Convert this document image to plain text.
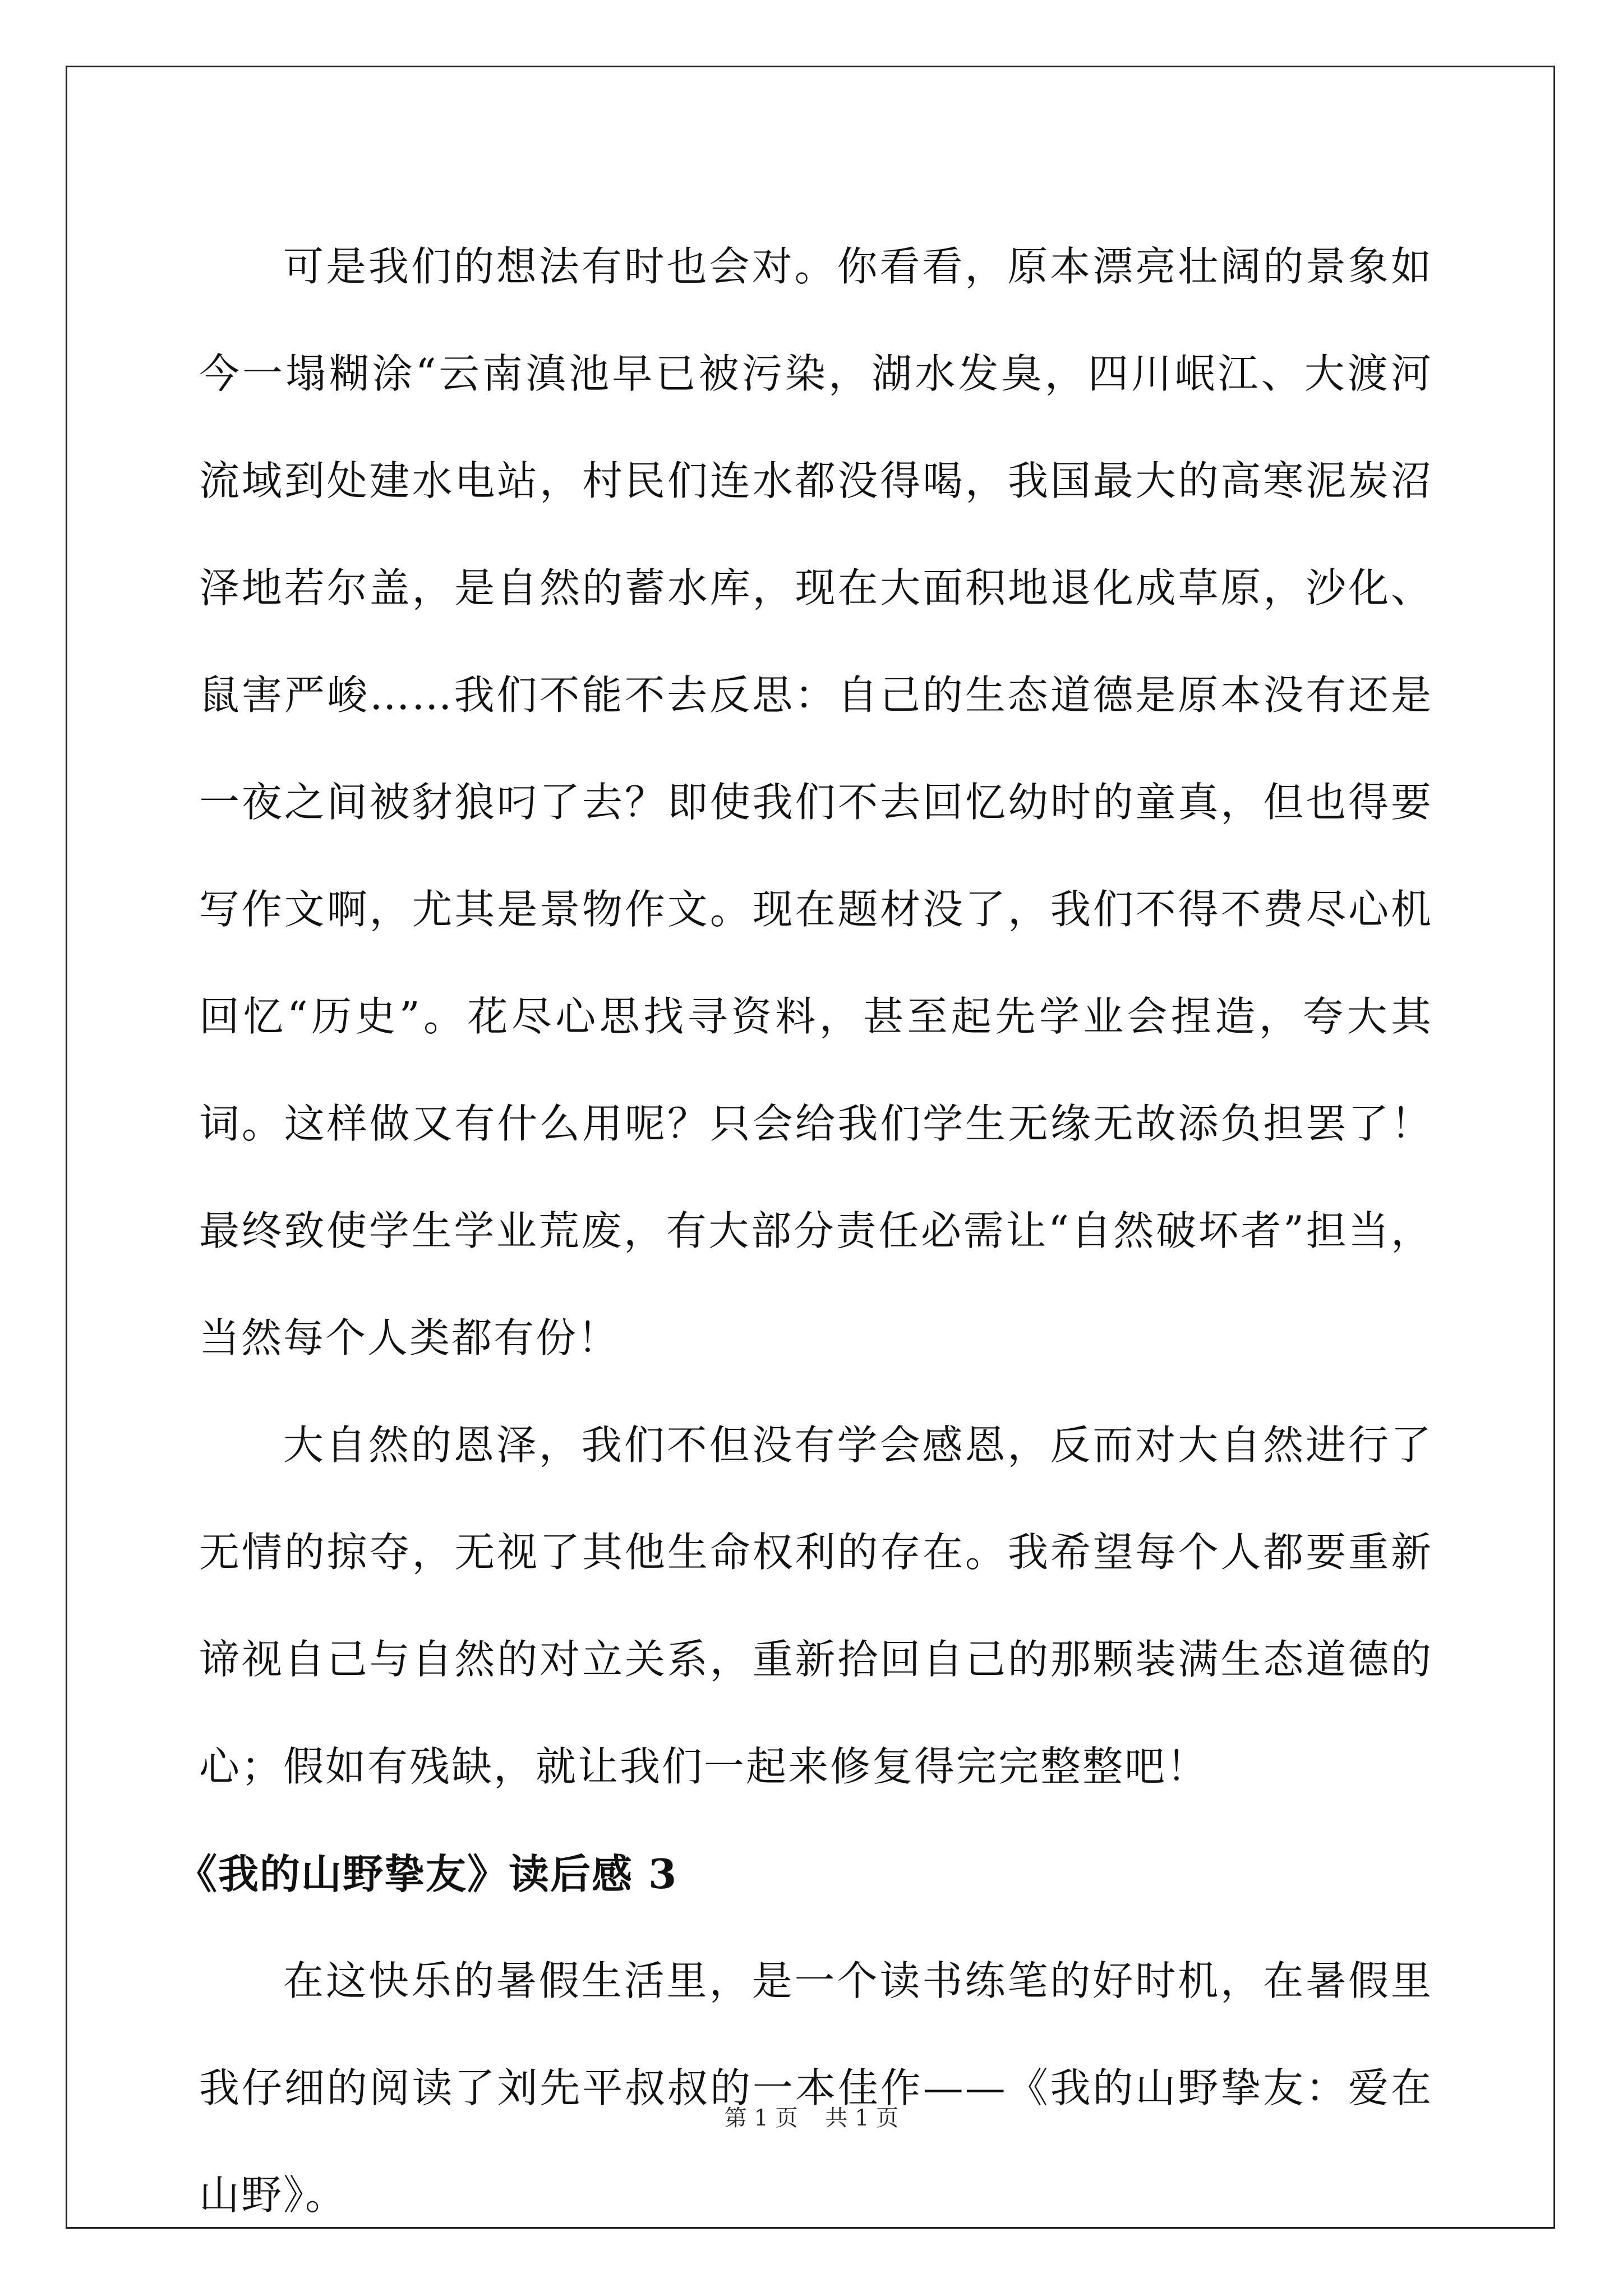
可是我们的想法有时也会对。你看看，原本漂亮壮阔的景象如今一塌糊涂“云南滇池早已被污染，湖水发臭，四川岷江、大渡河流域到处建水电站，村民们连水都没得喝，我国最大的高寒泥炭沼泽地若尔盖，是自然的蓄水库，现在大面积地退化成草原，沙化、鼠害严峻……我们不能不去反思：自己的生态道德是原本没有还是一夜之间被豺狼叼了去？即使我们不去回忆幼时的童真，但也得要写作文啊，尤其是景物作文。现在题材没了，我们不得不费尽心机回忆“历史”。花尽心思找寻资料，甚至起先学业会捏造，夸大其词。这样做又有什么用呢？只会给我们学生无缘无故添负担罢了！最终致使学生学业荒废，有大部分责任必需让“自然破坏者”担当，当然每个人类都有份！

大自然的恩泽，我们不但没有学会感恩，反而对大自然进行了无情的掠夺，无视了其他生命权利的存在。我希望每个人都要重新谛视自己与自然的对立关系，重新拾回自己的那颗装满生态道德的心；假如有残缺，就让我们一起来修复得完完整整吧！

《我的山野挚友》读后感 3

在这快乐的暑假生活里，是一个读书练笔的好时机，在暑假里我仔细的阅读了刘先平叔叔的一本佳作——《我的山野挚友：爱在山野》。

第 1 页 共 1 页
